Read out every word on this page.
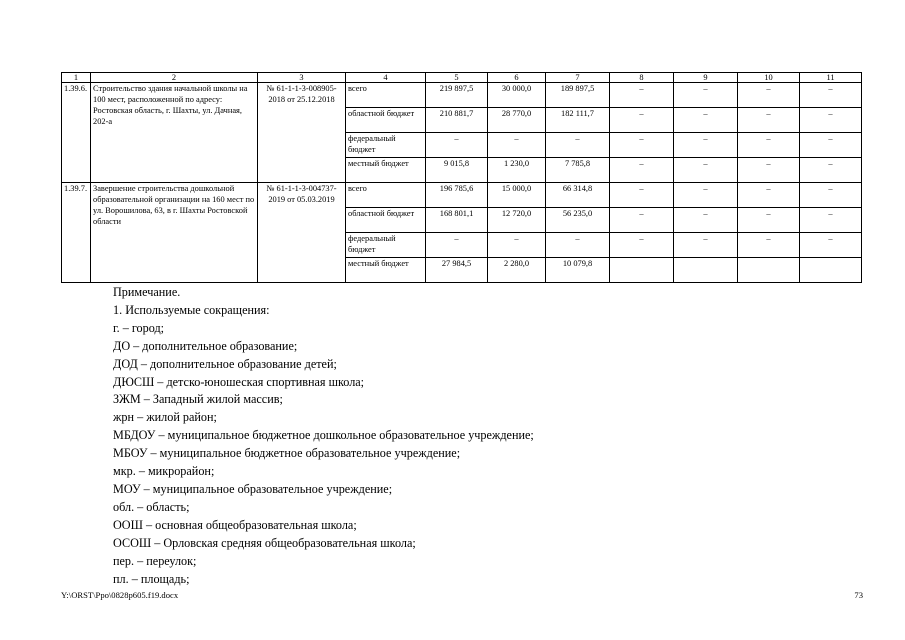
1	2	3	4	5	6	7	8	9	10	11
1.39.6.	Строительство здания начальной школы на 100 мест, расположенной по адресу: Ростовская область, г. Шахты, ул. Дачная, 202-а	№ 61-1-1-3-008905-2018 от 25.12.2018	всего	219 897,5	30 000,0	189 897,5	–	–	–	–
			областной бюджет	210 881,7	28 770,0	182 111,7	–	–	–	–
			федеральный бюджет	–	–	–	–	–	–	–
			местный бюджет	9 015,8	1 230,0	7 785,8	–	–	–	–
1.39.7.	Завершение строительства дошкольной образовательной организации на 160 мест по ул. Ворошилова, 63, в г. Шахты Ростовской области	№ 61-1-1-3-004737-2019 от 05.03.2019	всего	196 785,6	15 000,0	66 314,8	–	–	–	–
			областной бюджет	168 801,1	12 720,0	56 235,0	–	–	–	–
			федеральный бюджет	–	–	–	–	–	–	–
			местный бюджет	27 984,5	2 280,0	10 079,8				
Примечание.
1. Используемые сокращения:
г. – город;
ДО – дополнительное образование;
ДОД – дополнительное образование детей;
ДЮСШ – детско-юношеская спортивная школа;
ЗЖМ – Западный жилой массив;
жрн – жилой район;
МБДОУ – муниципальное бюджетное дошкольное образовательное учреждение;
МБОУ – муниципальное бюджетное образовательное учреждение;
мкр. – микрорайон;
МОУ – муниципальное образовательное учреждение;
обл. – область;
ООШ – основная общеобразовательная школа;
ОСОШ – Орловская средняя общеобразовательная школа;
пер. – переулок;
пл. – площадь;
Y:\ORST\Ppo\0828p605.f19.docx	73
